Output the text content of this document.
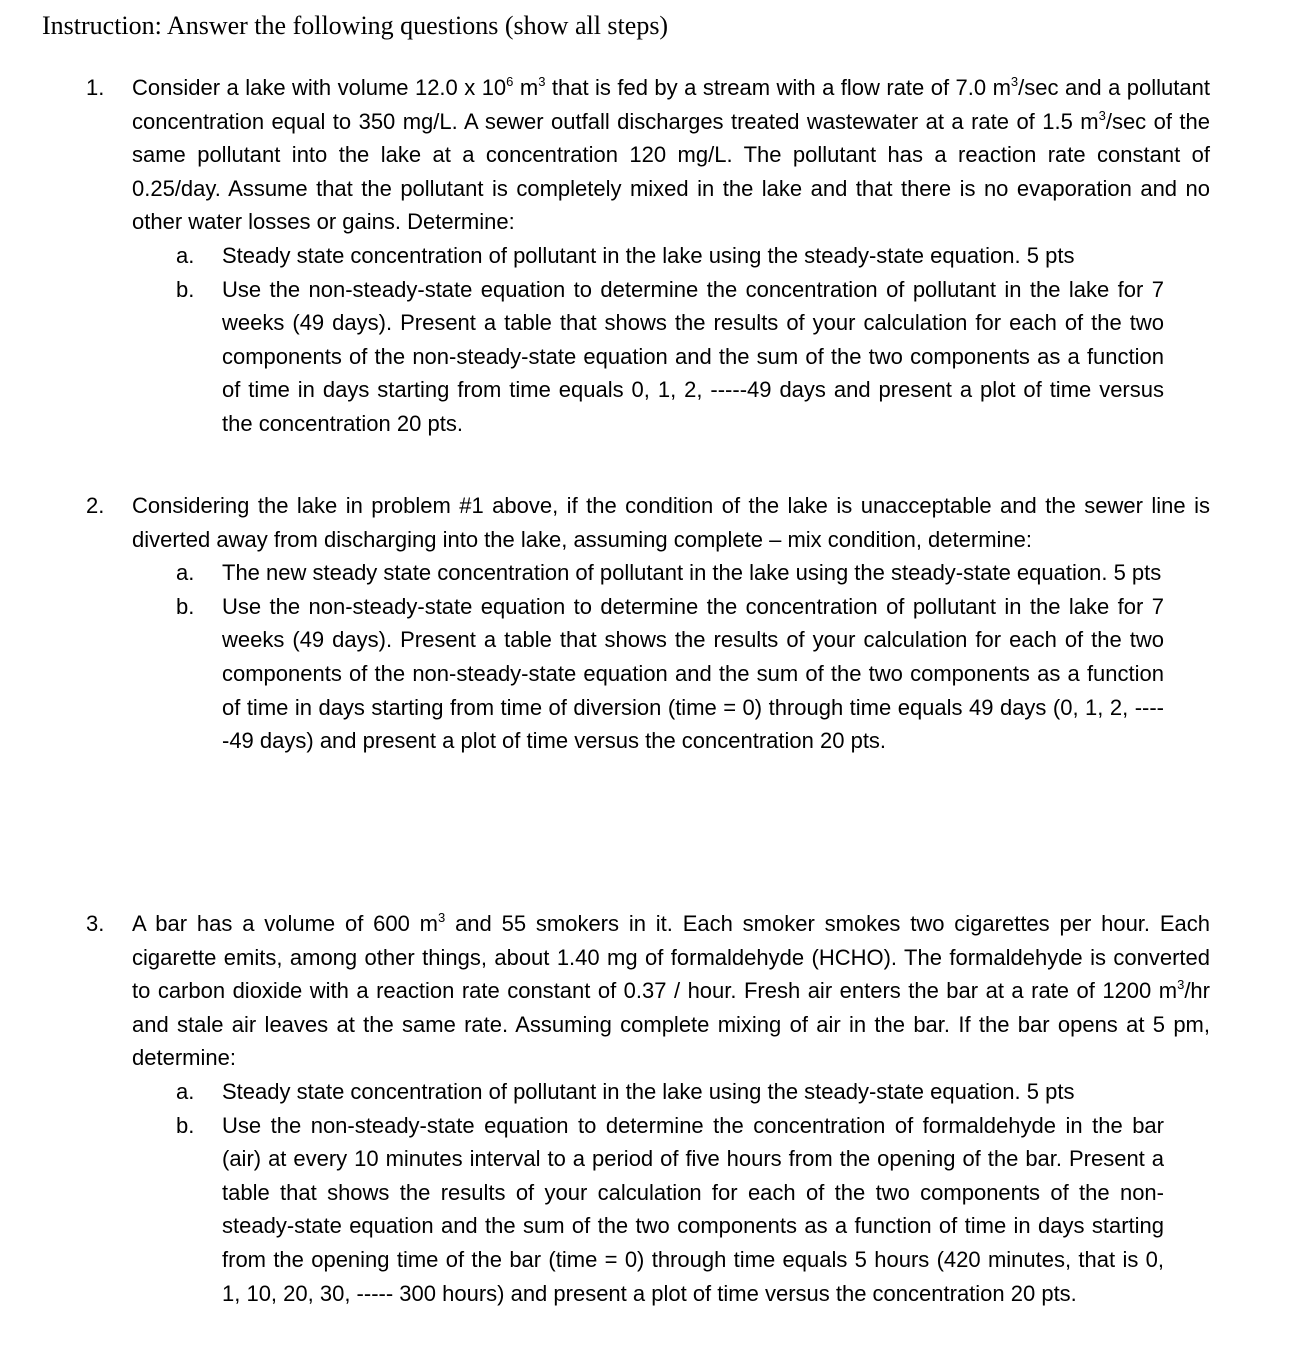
Instruction: Answer the following questions (show all steps)
1.	Consider a lake with volume 12.0 x $10^6$ $m^3$ that is fed by a stream with a flow rate of 7.0 $m^3/\sec$ and a pollutant concentration equal to 350 mg/L. A sewer outfall discharges treated wastewater at a rate of 1.5 $m^3/\sec$ of the same pollutant into the lake at a concentration 120 mg/L. The pollutant has a reaction rate constant of 0.25/day. Assume that the pollutant is completely mixed in the lake and that there is no evaporation and no other water losses or gains. Determine:
a.	Steady state concentration of pollutant in the lake using the steady-state equation. 5 pts
b.	Use the non-steady-state equation to determine the concentration of pollutant in the lake for 7 weeks (49 days). Present a table that shows the results of your calculation for each of the two components of the non-steady-state equation and the sum of the two components as a function of time in days starting from time equals 0, 1, 2, -----49 days and present a plot of time versus the concentration 20 pts.
2.	Considering the lake in problem #1 above, if the condition of the lake is unacceptable and the sewer line is diverted away from discharging into the lake, assuming complete – mix condition, determine:
a.	The new steady state concentration of pollutant in the lake using the steady-state equation. 5 pts
b.	Use the non-steady-state equation to determine the concentration of pollutant in the lake for 7 weeks (49 days). Present a table that shows the results of your calculation for each of the two components of the non-steady-state equation and the sum of the two components as a function of time in days starting from time of diversion (time = 0) through time equals 49 days (0, 1, 2, -----49 days) and present a plot of time versus the concentration 20 pts.
3.	A bar has a volume of 600 $m^3$ and 55 smokers in it. Each smoker smokes two cigarettes per hour. Each cigarette emits, among other things, about 1.40 mg of formaldehyde (HCHO). The formaldehyde is converted to carbon dioxide with a reaction rate constant of 0.37 / hour. Fresh air enters the bar at a rate of 1200 $m^3/hr$ and stale air leaves at the same rate. Assuming complete mixing of air in the bar. If the bar opens at 5 pm, determine:
a.	Steady state concentration of pollutant in the lake using the steady-state equation. 5 pts
b.	Use the non-steady-state equation to determine the concentration of formaldehyde in the bar (air) at every 10 minutes interval to a period of five hours from the opening of the bar. Present a table that shows the results of your calculation for each of the two components of the non-steady-state equation and the sum of the two components as a function of time in days starting from the opening time of the bar (time = 0) through time equals 5 hours (420 minutes, that is 0, 1, 10, 20, 30, ----- 300 hours) and present a plot of time versus the concentration 20 pts.
